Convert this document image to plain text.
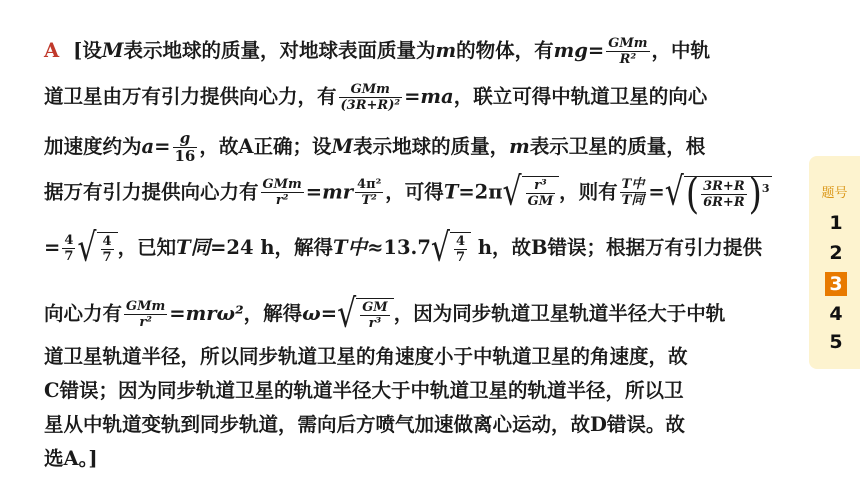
A [设M表示地球的质量，对地球表面质量为m的物体，有$mg= \frac{\text{GMm}}{\text{R²}}$ ，中轨
道卫星由万有引力提供向心力，有 $\frac{\text{GMm}}{\text{(3R+R)²}} =ma$，联立可得中轨道卫星的向心
加速度约为$a= \frac{g}{16}$ ，故A正确；设M表示地球的质量，m表示卫星的质量，根
据万有引力提供向心力有 $\frac{\text{GMm}}{\text{r²}} =mr \frac{\text{4π²}}{\text{T²}}$ ，可得$T=2\pi√ \frac{\text{r³}}{GM}$ ，则有 $\frac{\text{T中}}{\text{T同}}$ =√( $\frac{3R+R}{6R+R} )^3$
= $\frac{4}{7}$ √ $\frac{4}{7}$ ，已知T同=24 h，解得T中$\approx 13.7√ \frac{4}{7}$ h，故B错误；根据万有引力提供
向心力有 $\frac{\text{GMm}}{\text{r²}} =mr\omega^2$，解得$\omega=√ \frac{GM}{\text{r³}}$ ，因为同步轨道卫星轨道半径大于中轨
道卫星轨道半径，所以同步轨道卫星的角速度小于中轨道卫星的角速度，故
C错误；因为同步轨道卫星的轨道半径大于中轨道卫星的轨道半径，所以卫
星从中轨道变轨到同步轨道，需向后方喷气加速做离心运动，故D错误。故
选A。]
题号
1
2
3
4
5
